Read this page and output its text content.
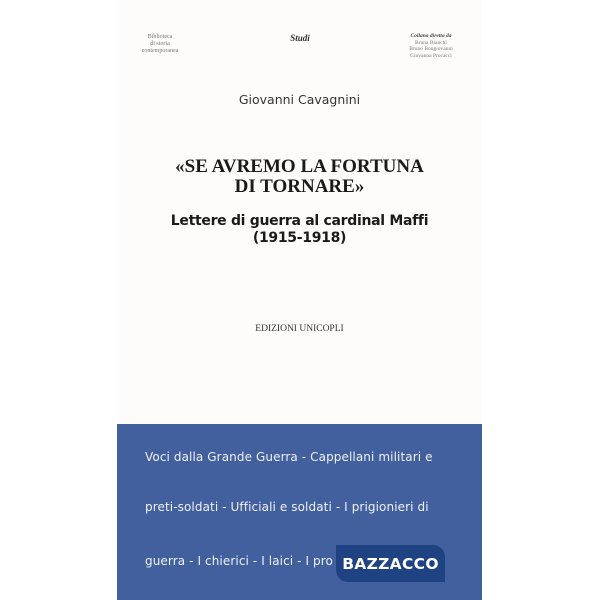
Biblioteca
di storia
contemporanea
Studi	Collana diretta da
Bruna Bianchi
Bruno Bongiovanni
Giovanna Procacci
Giovanni Cavagnini
«SE AVREMO LA FORTUNA
DI TORNARE»
Lettere di guerra al cardinal Maffi
(1915-1918)
EDIZIONI UNICOPLI
Voci dalla Grande Guerra - Cappellani militari e
preti-soldati - Ufficiali e soldati - I prigionieri di
guerra - I chierici - I laici - I pro BAZZACCO
